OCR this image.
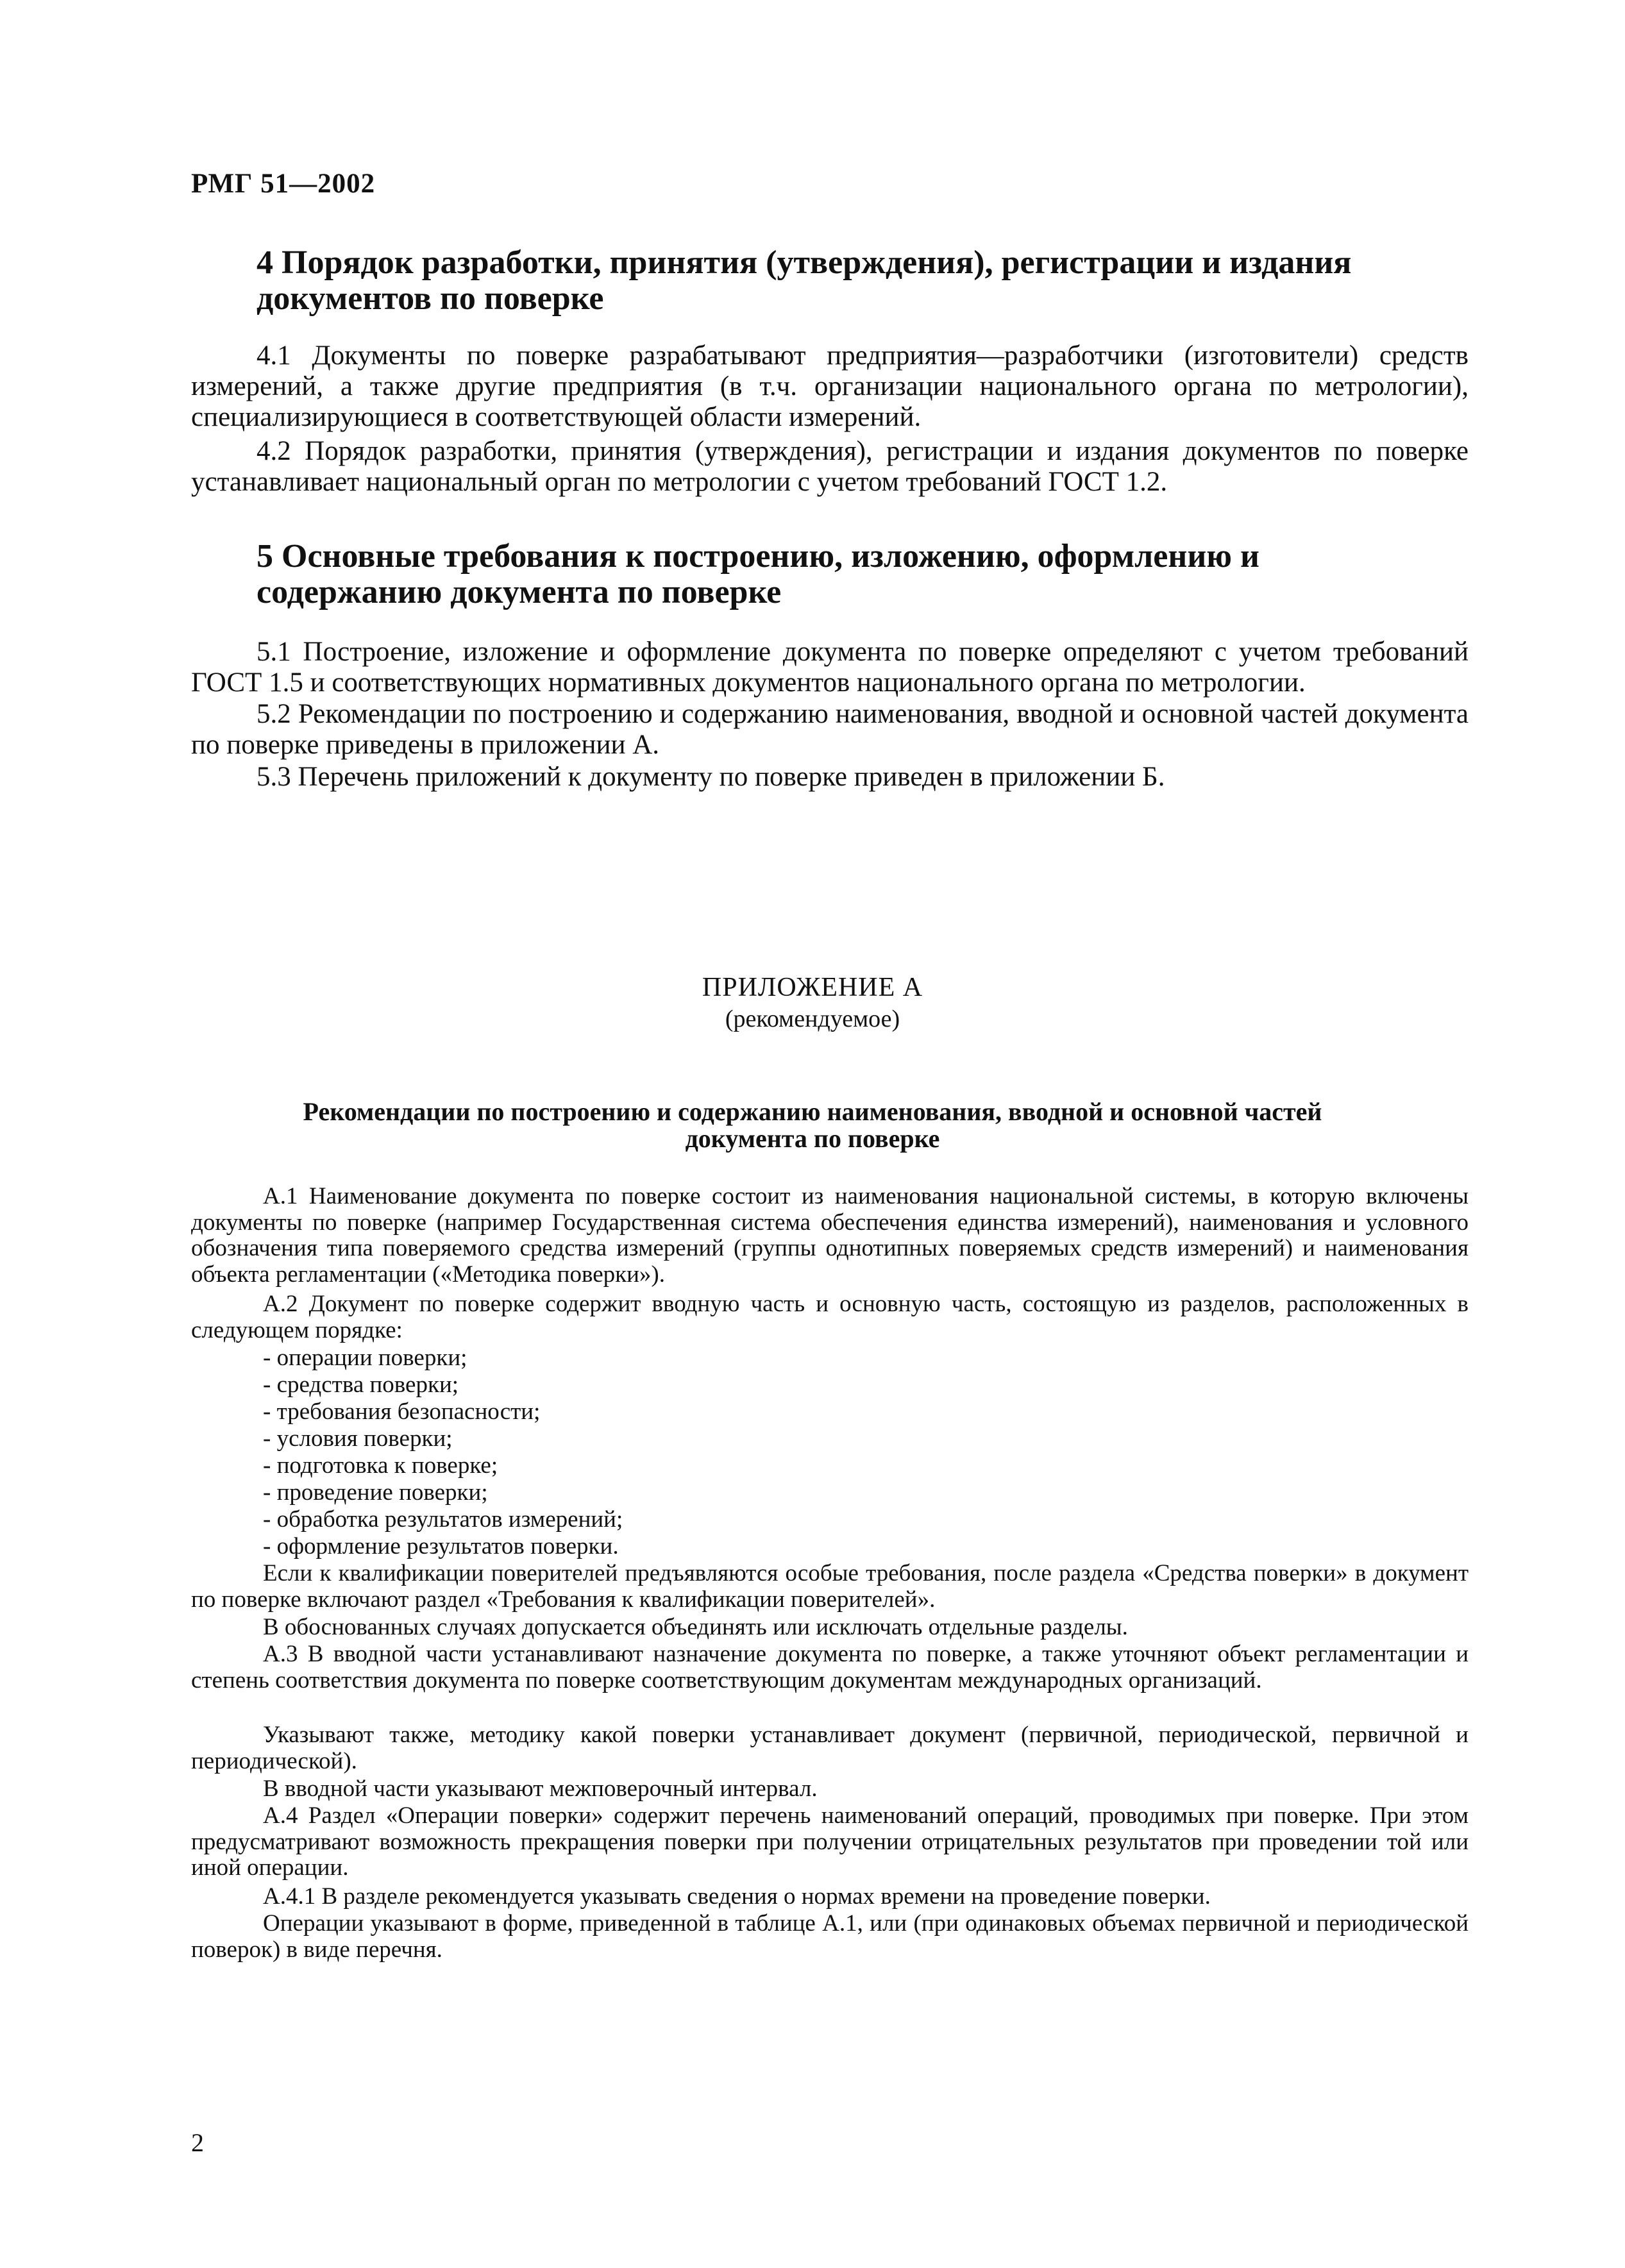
РМГ 51—2002
4 Порядок разработки, принятия (утверждения), регистрации и издания
документов по поверке
4.1 Документы по поверке разрабатывают предприятия—разработчики (изготовители) средств измерений, а также другие предприятия (в т.ч. организации национального органа по метрологии), специализирующиеся в соответствующей области измерений.
4.2 Порядок разработки, принятия (утверждения), регистрации и издания документов по поверке устанавливает национальный орган по метрологии с учетом требований ГОСТ 1.2.
5 Основные требования к построению, изложению, оформлению и
содержанию документа по поверке
5.1 Построение, изложение и оформление документа по поверке определяют с учетом требований ГОСТ 1.5 и соответствующих нормативных документов национального органа по метрологии.
5.2 Рекомендации по построению и содержанию наименования, вводной и основной частей документа по поверке приведены в приложении А.
5.3 Перечень приложений к документу по поверке приведен в приложении Б.
ПРИЛОЖЕНИЕ А
(рекомендуемое)
Рекомендации по построению и содержанию наименования, вводной и основной частей
документа по поверке
А.1 Наименование документа по поверке состоит из наименования национальной системы, в которую включены документы по поверке (например Государственная система обеспечения единства измерений), наименования и условного обозначения типа поверяемого средства измерений (группы однотипных поверяемых средств измерений) и наименования объекта регламентации («Методика поверки»).
А.2 Документ по поверке содержит вводную часть и основную часть, состоящую из разделов, расположенных в следующем порядке:
- операции поверки;
- средства поверки;
- требования безопасности;
- условия поверки;
- подготовка к поверке;
- проведение поверки;
- обработка результатов измерений;
- оформление результатов поверки.
Если к квалификации поверителей предъявляются особые требования, после раздела «Средства поверки» в документ по поверке включают раздел «Требования к квалификации поверителей».
В обоснованных случаях допускается объединять или исключать отдельные разделы.
А.3 В вводной части устанавливают назначение документа по поверке, а также уточняют объект регламентации и степень соответствия документа по поверке соответствующим документам международных организаций.
Указывают также, методику какой поверки устанавливает документ (первичной, периодической, первичной и периодической).
В вводной части указывают межповерочный интервал.
А.4 Раздел «Операции поверки» содержит перечень наименований операций, проводимых при поверке. При этом предусматривают возможность прекращения поверки при получении отрицательных результатов при проведении той или иной операции.
А.4.1 В разделе рекомендуется указывать сведения о нормах времени на проведение поверки.
Операции указывают в форме, приведенной в таблице А.1, или (при одинаковых объемах первичной и периодической поверок) в виде перечня.
2
